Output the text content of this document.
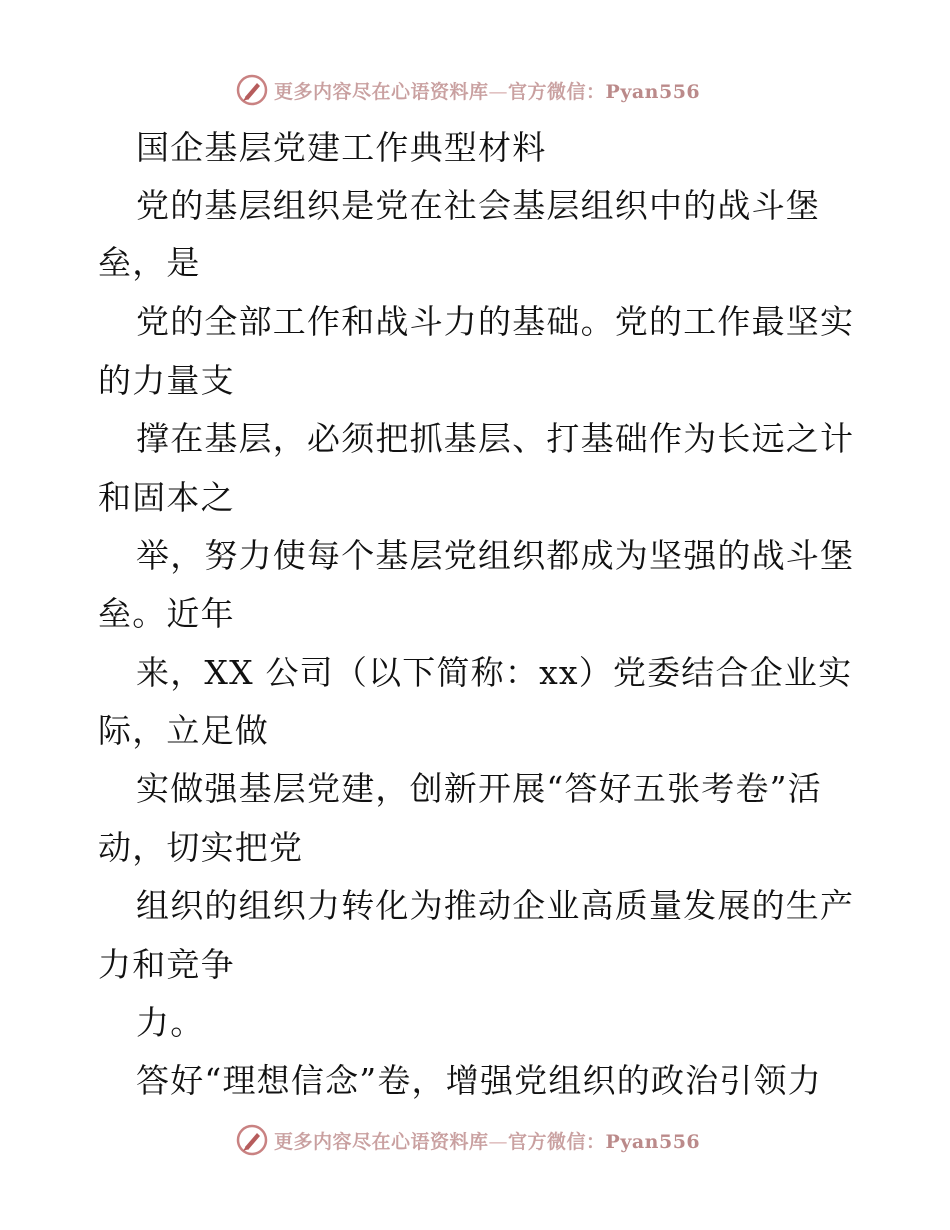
更多内容尽在心语资料库—官方微信：Pyan556
国企基层党建工作典型材料
党的基层组织是党在社会基层组织中的战斗堡
垒，是
党的全部工作和战斗力的基础。党的工作最坚实
的力量支
撑在基层，必须把抓基层、打基础作为长远之计
和固本之
举，努力使每个基层党组织都成为坚强的战斗堡
垒。近年
来，XX 公司（以下简称：xx）党委结合企业实
际，立足做
实做强基层党建，创新开展“答好五张考卷”活
动，切实把党
组织的组织力转化为推动企业高质量发展的生产
力和竞争
力。
答好“理想信念”卷，增强党组织的政治引领力
更多内容尽在心语资料库—官方微信：Pyan556
